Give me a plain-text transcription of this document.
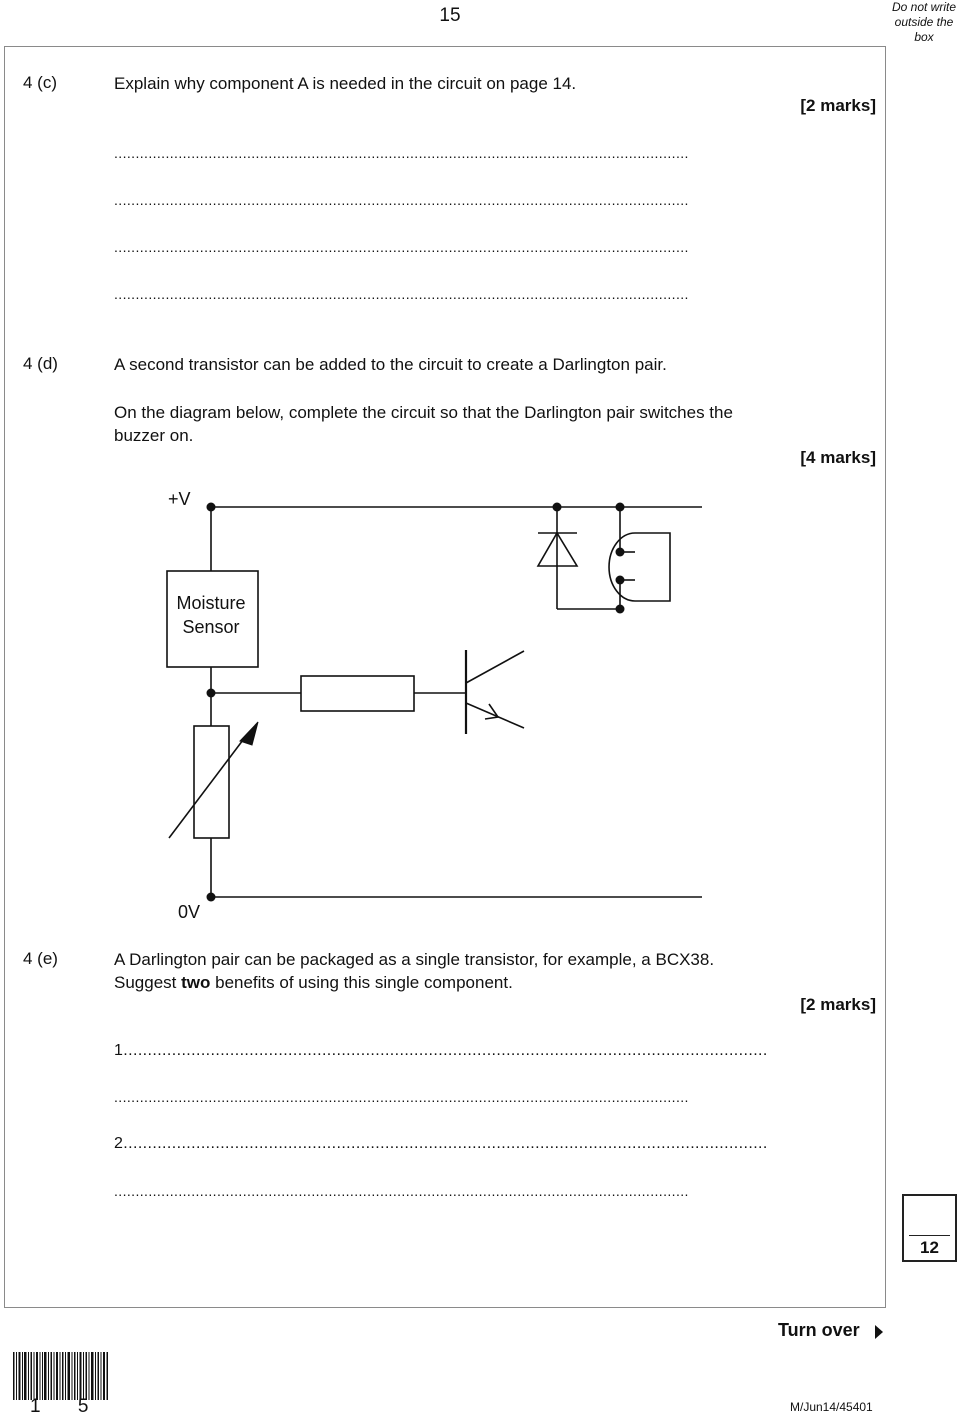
15	Do not write
outside the
box
4 (c)	Explain why component A is needed in the circuit on page 14.
[2 marks]
......................................................................................................................................
......................................................................................................................................
......................................................................................................................................
......................................................................................................................................
4 (d)	A second transistor can be added to the circuit to create a Darlington pair.
On the diagram below, complete the circuit so that the Darlington pair switches the
buzzer on.
[4 marks]
+V
Moisture
Sensor
0V
4 (e)	A Darlington pair can be packaged as a single transistor, for example, a BCX38.
Suggest two benefits of using this single component.
[2 marks]
1.....................................................................................................................................
......................................................................................................................................
2.....................................................................................................................................
......................................................................................................................................
12
Turn over
1 5	M/Jun14/45401
